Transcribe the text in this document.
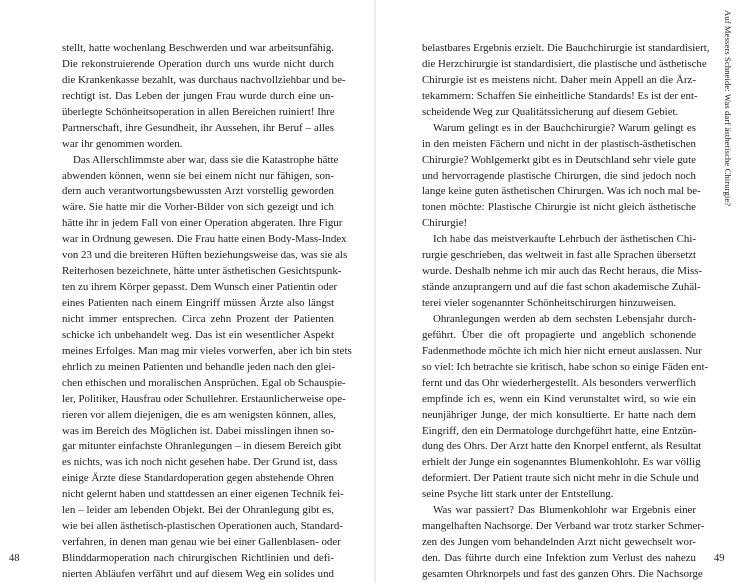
stellt, hatte wochenlang Beschwerden und war arbeitsunfähig.
Die rekonstruierende Operation durch uns wurde nicht durch
die Krankenkasse bezahlt, was durchaus nachvollziehbar und be-
rechtigt ist. Das Leben der jungen Frau wurde durch eine un-
überlegte Schönheitsoperation in allen Bereichen ruiniert! Ihre
Partnerschaft, ihre Gesundheit, ihr Aussehen, ihr Beruf – alles
war ihr genommen worden.
Das Allerschlimmste aber war, dass sie die Katastrophe hätte
abwenden können, wenn sie bei einem nicht nur fähigen, son-
dern auch verantwortungsbewussten Arzt vorstellig geworden
wäre. Sie hatte mir die Vorher-Bilder von sich gezeigt und ich
hätte ihr in jedem Fall von einer Operation abgeraten. Ihre Figur
war in Ordnung gewesen. Die Frau hatte einen Body-Mass-Index
von 23 und die breiteren Hüften beziehungsweise das, was sie als
Reiterhosen bezeichnete, hätte unter ästhetischen Gesichtspunk-
ten zu ihrem Körper gepasst. Dem Wunsch einer Patientin oder
eines Patienten nach einem Eingriff müssen Ärzte also längst
nicht immer entsprechen. Circa zehn Prozent der Patienten
schicke ich unbehandelt weg. Das ist ein wesentlicher Aspekt
meines Erfolges. Man mag mir vieles vorwerfen, aber ich bin stets
ehrlich zu meinen Patienten und behandle jeden nach den glei-
chen ethischen und moralischen Ansprüchen. Egal ob Schauspie-
ler, Politiker, Hausfrau oder Schullehrer. Erstaunlicherweise ope-
rieren vor allem diejenigen, die es am wenigsten können, alles,
was im Bereich des Möglichen ist. Dabei misslingen ihnen so-
gar mitunter einfachste Ohranlegungen – in diesem Bereich gibt
es nichts, was ich noch nicht gesehen habe. Der Grund ist, dass
einige Ärzte diese Standardoperation gegen abstehende Ohren
nicht gelernt haben und stattdessen an einer eigenen Technik fei-
len – leider am lebenden Objekt. Bei der Ohranlegung gibt es,
wie bei allen ästhetisch-plastischen Operationen auch, Standard-
verfahren, in denen man genau wie bei einer Gallenblasen- oder
Blinddarmoperation nach chirurgischen Richtlinien und defi-
nierten Abläufen verfährt und auf diesem Weg ein solides und
48
belastbares Ergebnis erzielt. Die Bauchchirurgie ist standardisiert,
die Herzchirurgie ist standardisiert, die plastische und ästhetische
Chirurgie ist es meistens nicht. Daher mein Appell an die Ärz-
tekammern: Schaffen Sie einheitliche Standards! Es ist der ent-
scheidende Weg zur Qualitätssicherung auf diesem Gebiet.
Warum gelingt es in der Bauchchirurgie? Warum gelingt es
in den meisten Fächern und nicht in der plastisch-ästhetischen
Chirurgie? Wohlgemerkt gibt es in Deutschland sehr viele gute
und hervorragende plastische Chirurgen, die sind jedoch noch
lange keine guten ästhetischen Chirurgen. Was ich noch mal be-
tonen möchte: Plastische Chirurgie ist nicht gleich ästhetische
Chirurgie!
Ich habe das meistverkaufte Lehrbuch der ästhetischen Chi-
rurgie geschrieben, das weltweit in fast alle Sprachen übersetzt
wurde. Deshalb nehme ich mir auch das Recht heraus, die Miss-
stände anzuprangern und auf die fast schon akademische Zuhäl-
terei vieler sogenannter Schönheitschirurgen hinzuweisen.
Ohranlegungen werden ab dem sechsten Lebensjahr durch-
geführt. Über die oft propagierte und angeblich schonende
Fadenmethode möchte ich mich hier nicht erneut auslassen. Nur
so viel: Ich betrachte sie kritisch, habe schon so einige Fäden ent-
fernt und das Ohr wiederhergestellt. Als besonders verwerflich
empfinde ich es, wenn ein Kind verunstaltet wird, so wie ein
neunjähriger Junge, der mich konsultierte. Er hatte nach dem
Eingriff, den ein Dermatologe durchgeführt hatte, eine Entzün-
dung des Ohrs. Der Arzt hatte den Knorpel entfernt, als Resultat
erhielt der Junge ein sogenanntes Blumenkohlohr. Es war völlig
deformiert. Der Patient traute sich nicht mehr in die Schule und
seine Psyche litt stark unter der Entstellung.
Was war passiert? Das Blumenkohlohr war Ergebnis einer
mangelhaften Nachsorge. Der Verband war trotz starker Schmer-
zen des Jungen vom behandelnden Arzt nicht gewechselt wor-
den. Das führte durch eine Infektion zum Verlust des nahezu
gesamten Ohrknorpels und fast des ganzen Ohrs. Die Nachsorge
49
Auf Messers Schneide: Was darf ästhetische Chirurgie?
